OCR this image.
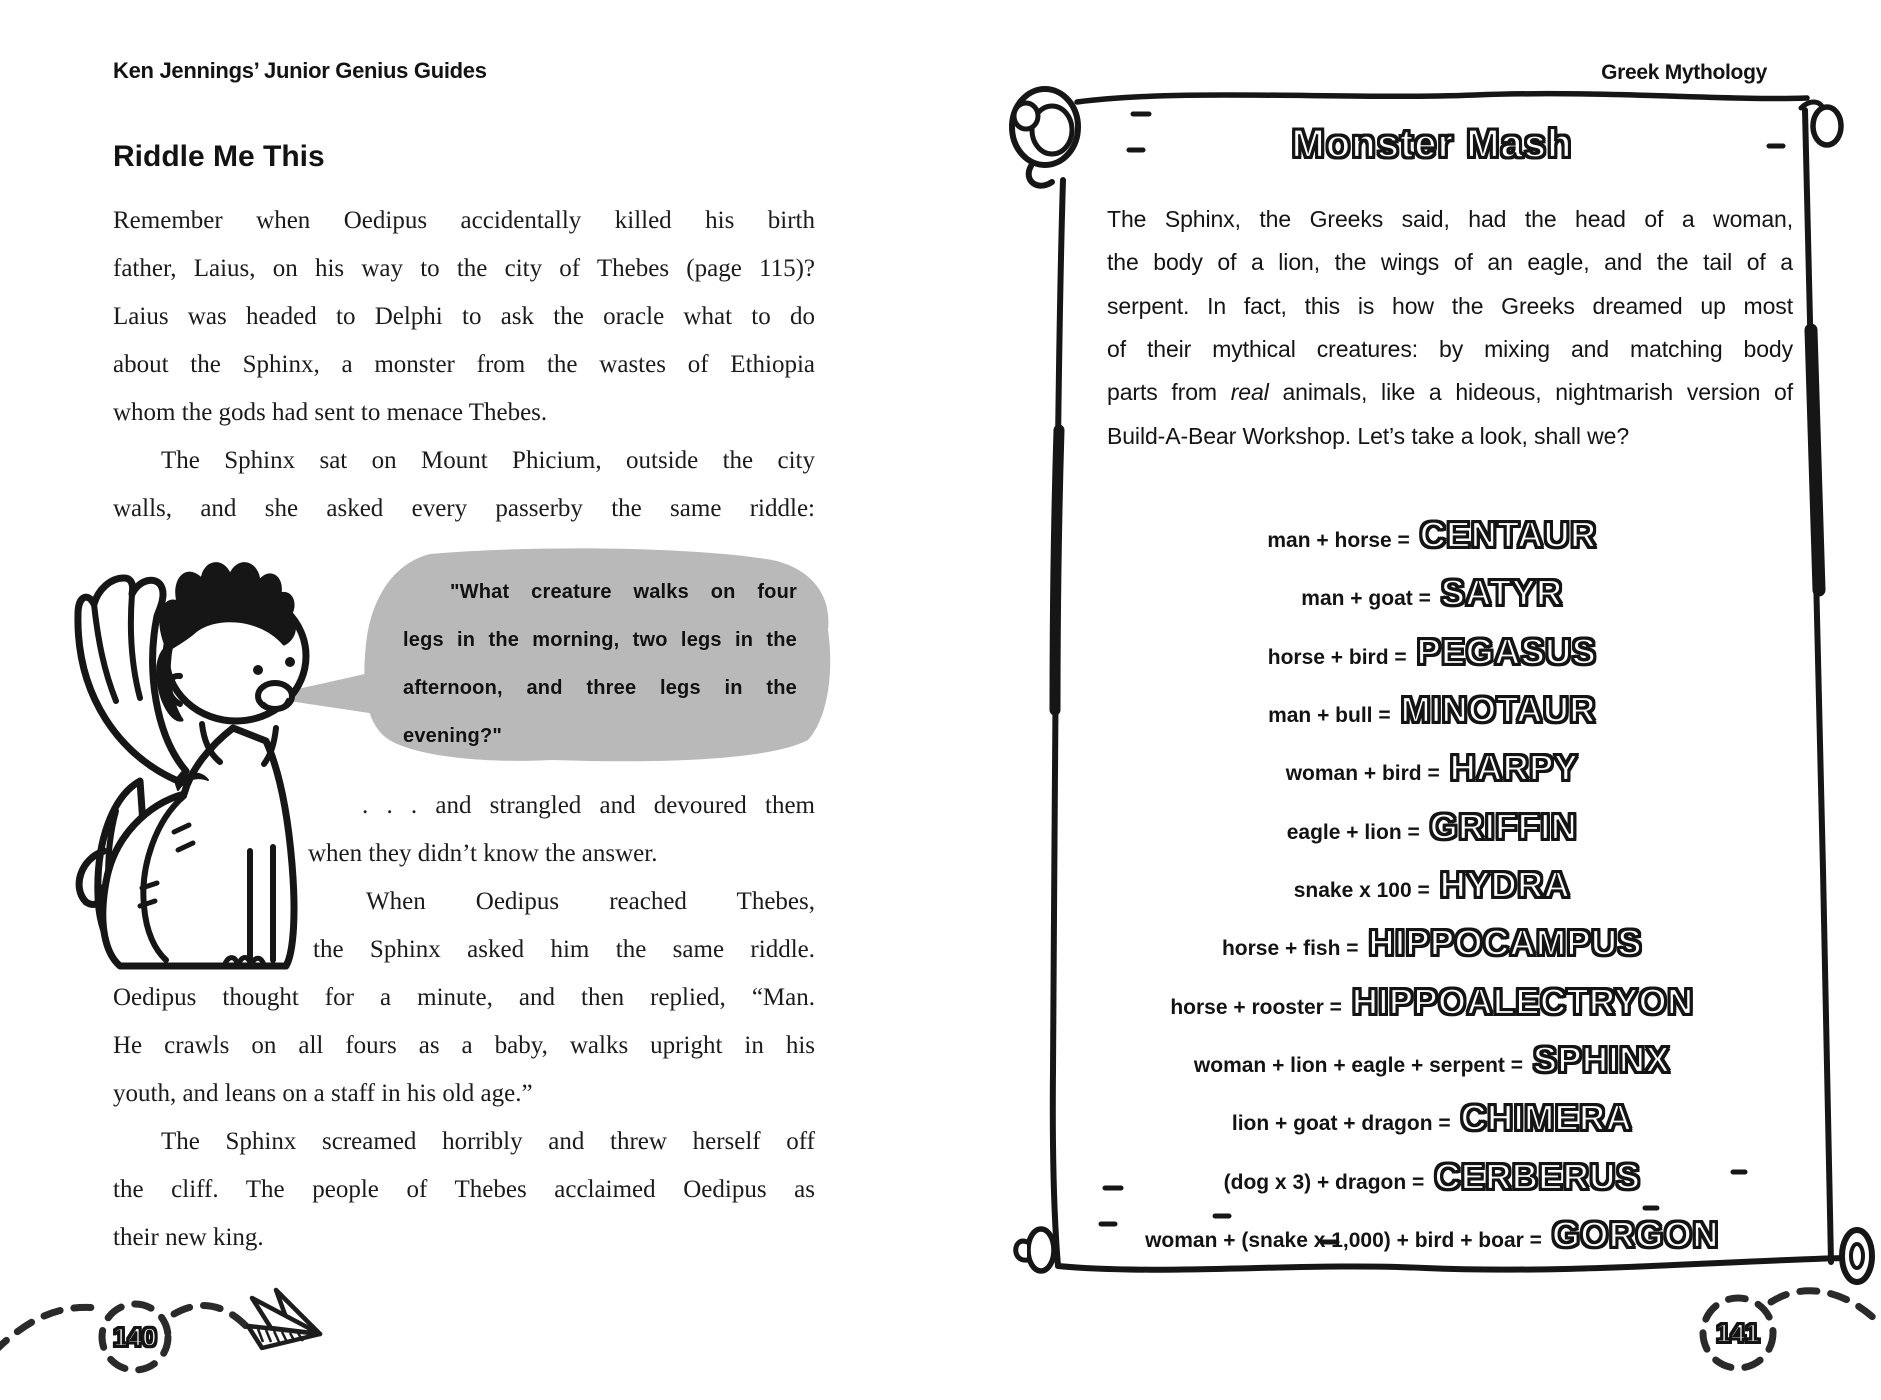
Ken Jennings’ Junior Genius Guides
Riddle Me This
Remember when Oedipus accidentally killed his birth
father, Laius, on his way to the city of Thebes (page 115)?
Laius was headed to Delphi to ask the oracle what to do
about the Sphinx, a monster from the wastes of Ethiopia
whom the gods had sent to menace Thebes.
The Sphinx sat on Mount Phicium, outside the city
walls, and she asked every passerby the same riddle:
"What creature walks on four
legs in the morning, two legs in the
afternoon, and three legs in the
evening?"
. . . and strangled and devoured them
when they didn’t know the answer.
When Oedipus reached Thebes,
the Sphinx asked him the same riddle.
Oedipus thought for a minute, and then replied, “Man.
He crawls on all fours as a baby, walks upright in his
youth, and leans on a staff in his old age.”
The Sphinx screamed horribly and threw herself off
the cliff. The people of Thebes acclaimed Oedipus as
their new king.
140
Greek Mythology
Monster Mash
The Sphinx, the Greeks said, had the head of a woman,
the body of a lion, the wings of an eagle, and the tail of a
serpent. In fact, this is how the Greeks dreamed up most
of their mythical creatures: by mixing and matching body
parts from real animals, like a hideous, nightmarish version of
Build-A-Bear Workshop. Let’s take a look, shall we?
man + horse = CENTAUR
man + goat = SATYR
horse + bird = PEGASUS
man + bull = MINOTAUR
woman + bird = HARPY
eagle + lion = GRIFFIN
snake x 100 = HYDRA
horse + fish = HIPPOCAMPUS
horse + rooster = HIPPOALECTRYON
woman + lion + eagle + serpent = SPHINX
lion + goat + dragon = CHIMERA
(dog x 3) + dragon = CERBERUS
woman + (snake x 1,000) + bird + boar = GORGON
141
